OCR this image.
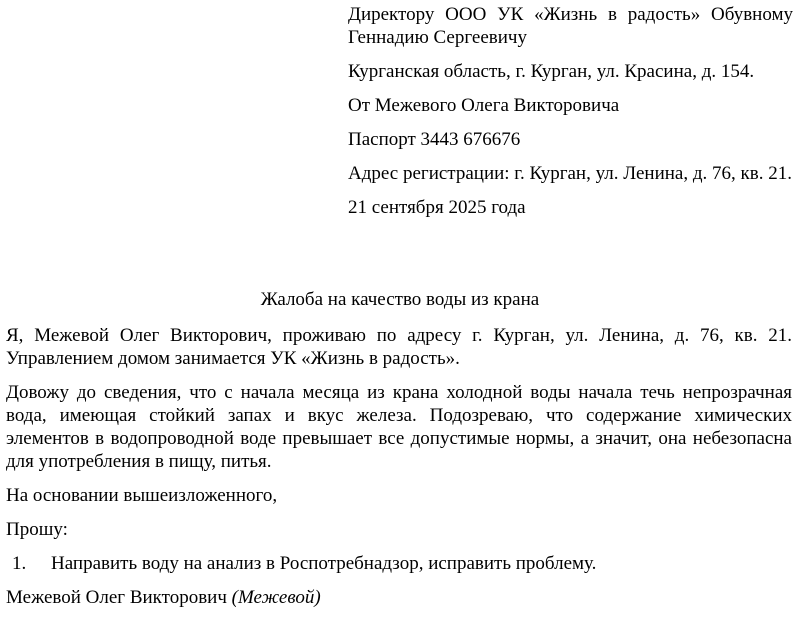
Директору ООО УК «Жизнь в радость» Обувному Геннадию Сергеевичу

Курганская область, г. Курган, ул. Красина, д. 154.

От Межевого Олега Викторовича

Паспорт 3443 676676

Адрес регистрации: г. Курган, ул. Ленина, д. 76, кв. 21.

21 сентября 2025 года

Жалоба на качество воды из крана

Я, Межевой Олег Викторович, проживаю по адресу г. Курган, ул. Ленина, д. 76, кв. 21. Управлением домом занимается УК «Жизнь в радость».

Довожу до сведения, что с начала месяца из крана холодной воды начала течь непрозрачная вода, имеющая стойкий запах и вкус железа. Подозреваю, что содержание химических элементов в водопроводной воде превышает все допустимые нормы, а значит, она небезопасна для употребления в пищу, питья.

На основании вышеизложенного,

Прошу:

1. Направить воду на анализ в Роспотребнадзор, исправить проблему.

Межевой Олег Викторович (Межевой)
